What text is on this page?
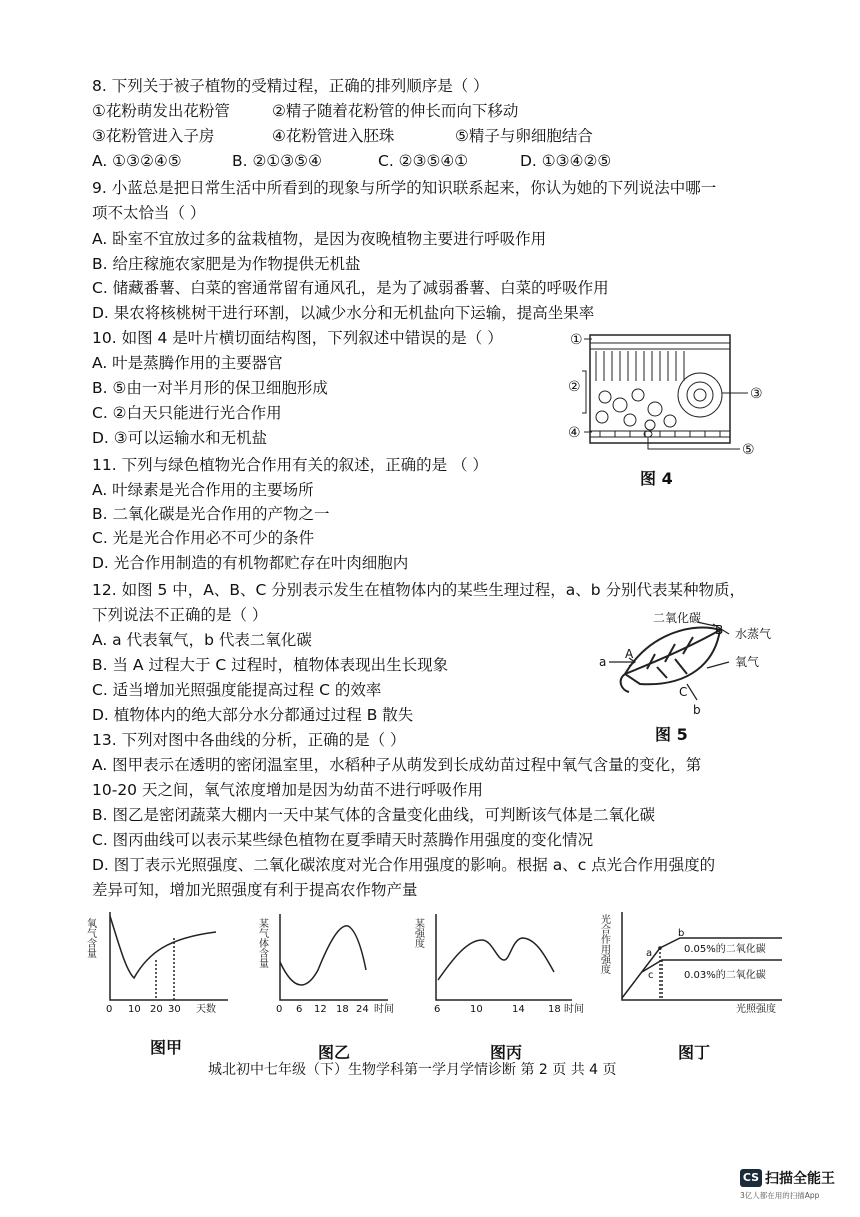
8. 下列关于被子植物的受精过程，正确的排列顺序是（ ）
①花粉萌发出花粉管	②精子随着花粉管的伸长而向下移动
③花粉管进入子房	④花粉管进入胚珠	⑤精子与卵细胞结合
A. ①③②④⑤	B. ②①③⑤④	C. ②③⑤④①	D. ①③④②⑤
9. 小蓝总是把日常生活中所看到的现象与所学的知识联系起来，你认为她的下列说法中哪一
项不太恰当（ ）
A. 卧室不宜放过多的盆栽植物，是因为夜晚植物主要进行呼吸作用
B. 给庄稼施农家肥是为作物提供无机盐
C. 储藏番薯、白菜的窖通常留有通风孔，是为了减弱番薯、白菜的呼吸作用
D. 果农将核桃树干进行环割，以减少水分和无机盐向下运输，提高坐果率
10. 如图 4 是叶片横切面结构图，下列叙述中错误的是（ ）
A. 叶是蒸腾作用的主要器官
B. ⑤由一对半月形的保卫细胞形成
C. ②白天只能进行光合作用
D. ③可以运输水和无机盐
①
②	③
④
⑤
图 4
11. 下列与绿色植物光合作用有关的叙述，正确的是 （ ）
A. 叶绿素是光合作用的主要场所
B. 二氧化碳是光合作用的产物之一
C. 光是光合作用必不可少的条件
D. 光合作用制造的有机物都贮存在叶肉细胞内
12. 如图 5 中，A、B、C 分别表示发生在植物体内的某些生理过程，a、b 分别代表某种物质，
下列说法不正确的是（ ）
A. a 代表氧气，b 代表二氧化碳
B. 当 A 过程大于 C 过程时，植物体表现出生长现象
C. 适当增加光照强度能提高过程 C 的效率
D. 植物体内的绝大部分水分都通过过程 B 散失
二氧化碳
水蒸气
氧气
B
A
C
a
b
图 5
13. 下列对图中各曲线的分析，正确的是（ ）
A. 图甲表示在透明的密闭温室里，水稻种子从萌发到长成幼苗过程中氧气含量的变化，第
10-20 天之间，氧气浓度增加是因为幼苗不进行呼吸作用
B. 图乙是密闭蔬菜大棚内一天中某气体的含量变化曲线，可判断该气体是二氧化碳
C. 图丙曲线可以表示某些绿色植物在夏季晴天时蒸腾作用强度的变化情况
D. 图丁表示光照强度、二氧化碳浓度对光合作用强度的影响。根据 a、c 点光合作用强度的
差异可知，增加光照强度有利于提高农作物产量
氧气含量
0 10 20 30 天数
图甲
某气体含量
0 6 12 18 24 时间
图乙
某强度
6	10	14 18 时间
图丙
光合作用强度	a
b
c
0.05%的二氧化碳
0.03%的二氧化碳
光照强度
图丁
城北初中七年级（下）生物学科第一学月学情诊断 第 2 页 共 4 页
CS 扫描全能王
3亿人都在用的扫描App
